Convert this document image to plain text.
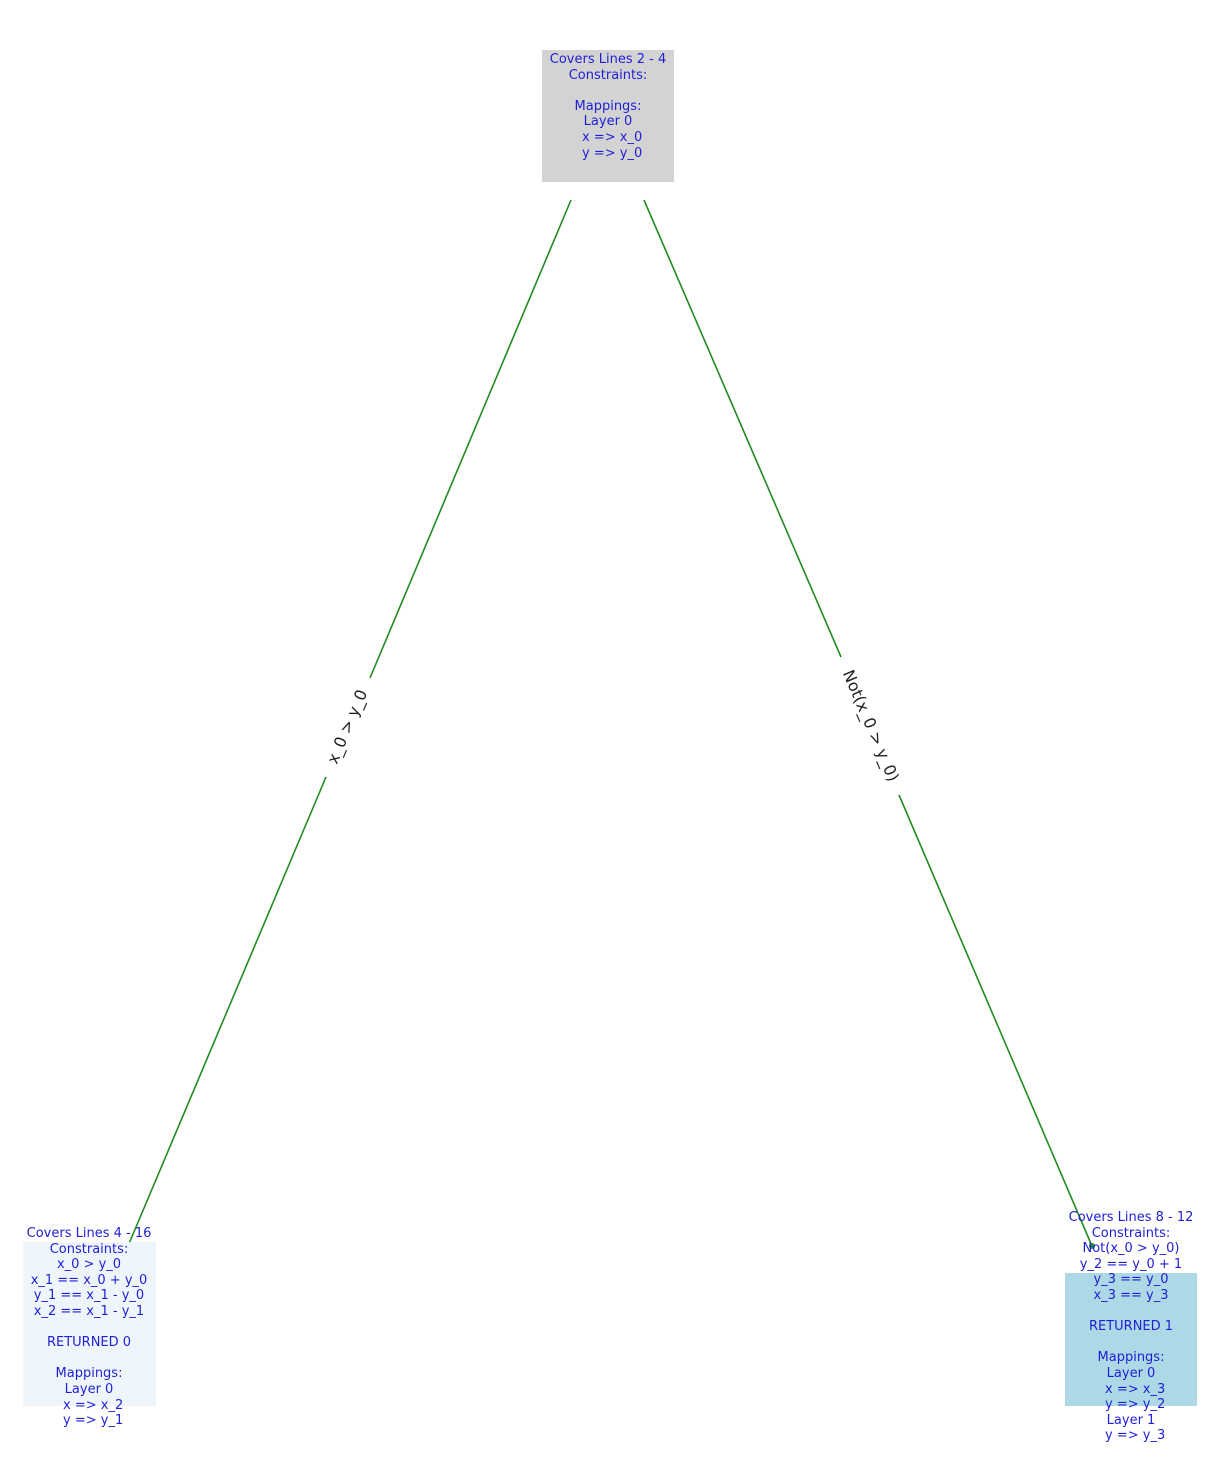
x_0 > y_0	Not(x_0 > y_0)
Covers Lines 2 - 4
Constraints:

Mappings:
Layer 0
x => x_0
y => y_0
Covers Lines 4 - 16
Constraints:
x_0 > y_0
x_1 == x_0 + y_0
y_1 == x_1 - y_0
x_2 == x_1 - y_1

RETURNED 0

Mappings:
Layer 0
x => x_2
y => y_1
Covers Lines 8 - 12
Constraints:
Not(x_0 > y_0)
y_2 == y_0 + 1
y_3 == y_0
x_3 == y_3

RETURNED 1

Mappings:
Layer 0
x => x_3
y => y_2
Layer 1
y => y_3
